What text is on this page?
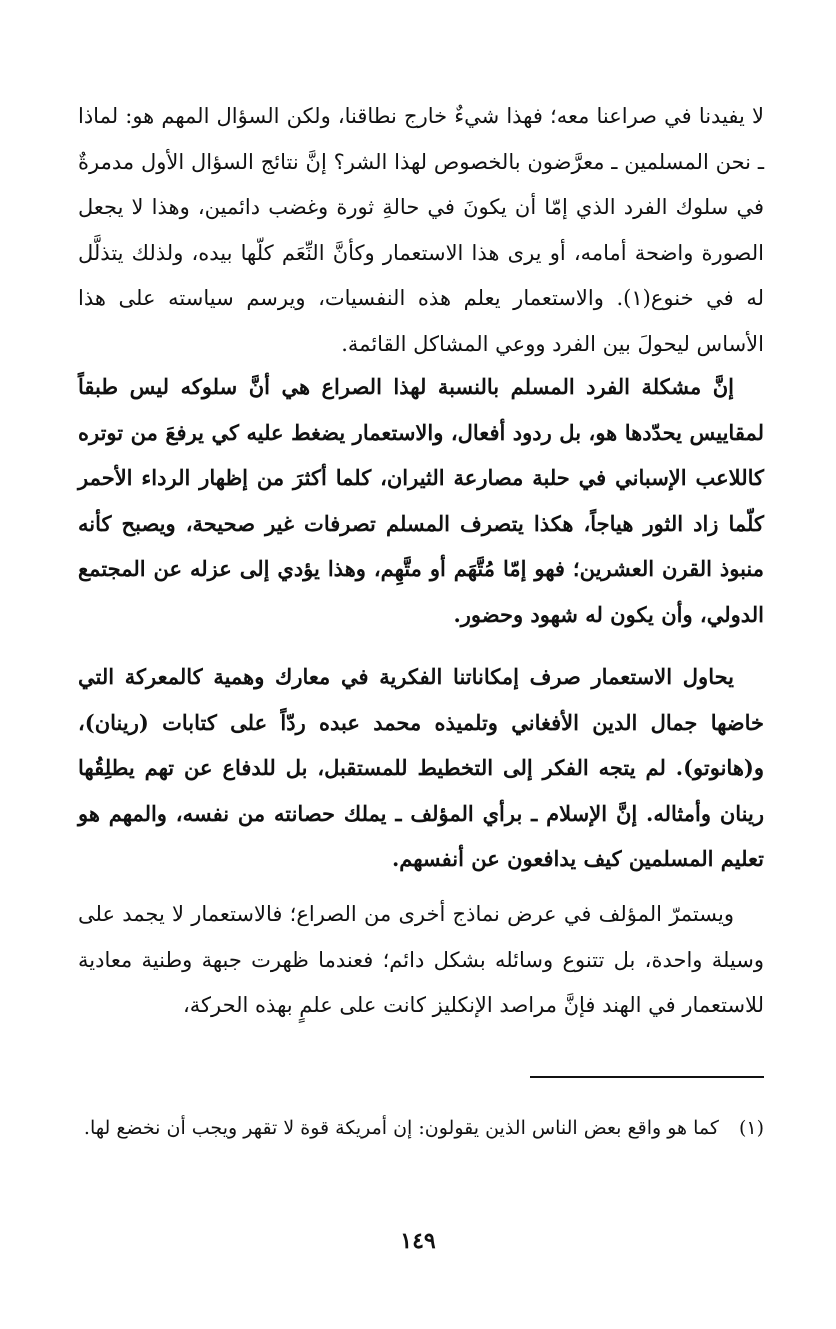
لا يفيدنا في صراعنا معه؛ فهذا شيءٌ خارج نطاقنا، ولكن السؤال المهم هو: لماذا ـ نحن المسلمين ـ معرَّضون بالخصوص لهذا الشر؟ إنَّ نتائج السؤال الأول مدمرةٌ في سلوك الفرد الذي إمّا أن يكونَ في حالةِ ثورة وغضب دائمين، وهذا لا يجعل الصورة واضحة أمامه، أو يرى هذا الاستعمار وكأنَّ النِّعَم كلّها بيده، ولذلك يتذلَّل له في خنوع(١). والاستعمار يعلم هذه النفسيات، ويرسم سياسته على هذا الأساس ليحولَ بين الفرد ووعي المشاكل القائمة.

إنَّ مشكلة الفرد المسلم بالنسبة لهذا الصراع هي أنَّ سلوكه ليس طبقاً لمقاييس يحدّدها هو، بل ردود أفعال، والاستعمار يضغط عليه كي يرفعَ من توتره كاللاعب الإسباني في حلبة مصارعة الثيران، كلما أكثرَ من إظهار الرداء الأحمر كلّما زاد الثور هياجاً، هكذا يتصرف المسلم تصرفات غير صحيحة، ويصبح كأنه منبوذ القرن العشرين؛ فهو إمّا مُتَّهَم أو متَّهِم، وهذا يؤدي إلى عزله عن المجتمع الدولي، وأن يكون له شهود وحضور.

يحاول الاستعمار صرف إمكاناتنا الفكرية في معارك وهمية كالمعركة التي خاضها جمال الدين الأفغاني وتلميذه محمد عبده ردّاً على كتابات (رينان)، و(هانوتو). لم يتجه الفكر إلى التخطيط للمستقبل، بل للدفاع عن تهم يطلِقُها رينان وأمثاله. إنَّ الإسلام ـ برأي المؤلف ـ يملك حصانته من نفسه، والمهم هو تعليم المسلمين كيف يدافعون عن أنفسهم.

ويستمرّ المؤلف في عرض نماذج أخرى من الصراع؛ فالاستعمار لا يجمد على وسيلة واحدة، بل تتنوع وسائله بشكل دائم؛ فعندما ظهرت جبهة وطنية معادية للاستعمار في الهند فإنَّ مراصد الإنكليز كانت على علمٍ بهذه الحركة،

(١) كما هو واقع بعض الناس الذين يقولون: إن أمريكة قوة لا تقهر ويجب أن نخضع لها.
١٤٩
